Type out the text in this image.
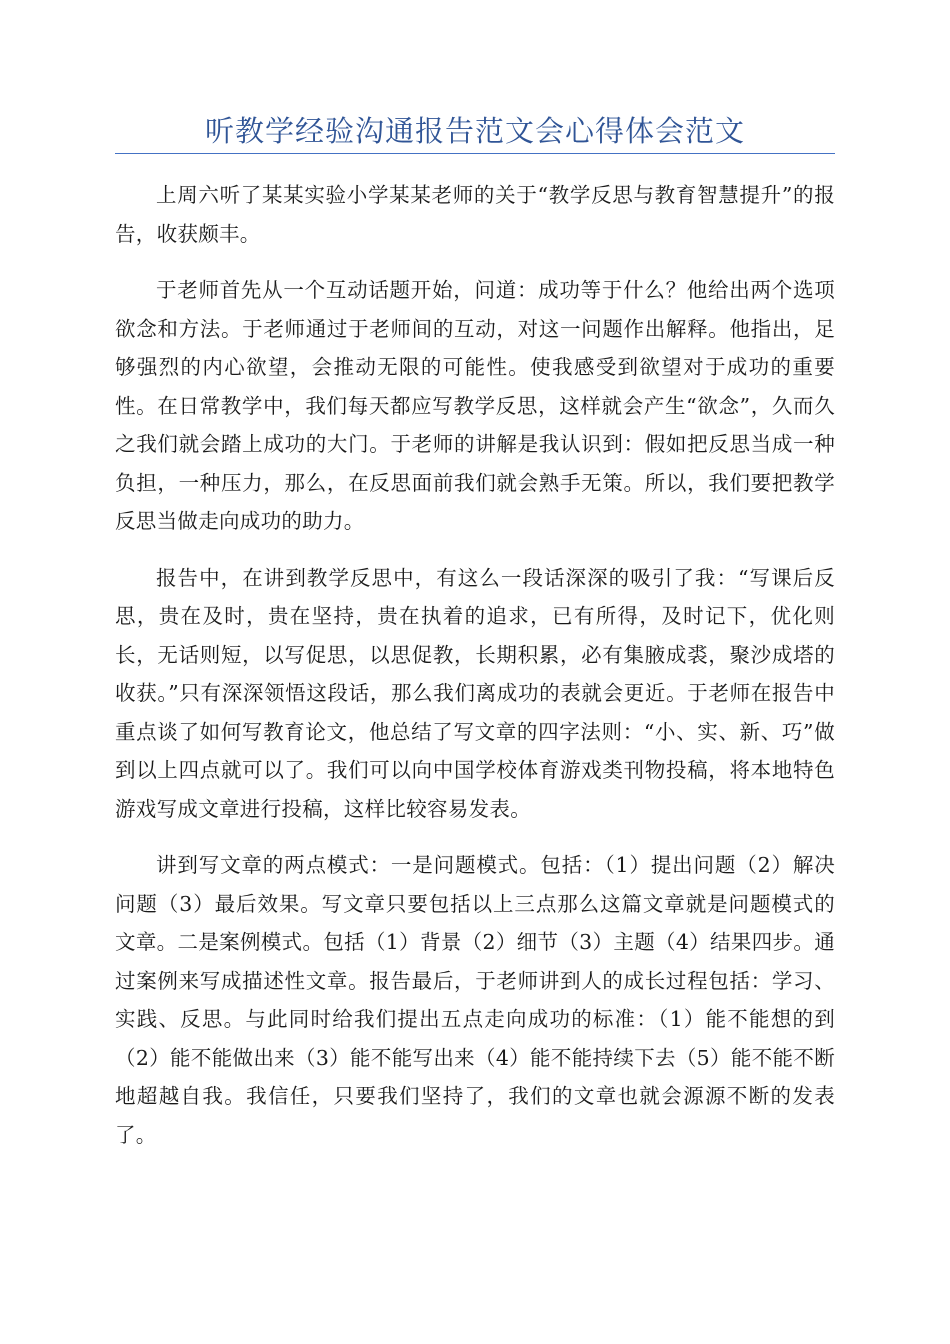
听教学经验沟通报告范文会心得体会范文

上周六听了某某实验小学某某老师的关于“教学反思与教育智慧提升”的报告，收获颇丰。

于老师首先从一个互动话题开始，问道：成功等于什么？他给出两个选项欲念和方法。于老师通过于老师间的互动，对这一问题作出解释。他指出，足够强烈的内心欲望，会推动无限的可能性。使我感受到欲望对于成功的重要性。在日常教学中，我们每天都应写教学反思，这样就会产生“欲念”，久而久之我们就会踏上成功的大门。于老师的讲解是我认识到：假如把反思当成一种负担，一种压力，那么，在反思面前我们就会熟手无策。所以，我们要把教学反思当做走向成功的助力。

报告中，在讲到教学反思中，有这么一段话深深的吸引了我：“写课后反思，贵在及时，贵在坚持，贵在执着的追求，已有所得，及时记下，优化则长，无话则短，以写促思，以思促教，长期积累，必有集腋成裘，聚沙成塔的收获。”只有深深领悟这段话，那么我们离成功的表就会更近。于老师在报告中重点谈了如何写教育论文，他总结了写文章的四字法则：“小、实、新、巧”做到以上四点就可以了。我们可以向中国学校体育游戏类刊物投稿，将本地特色游戏写成文章进行投稿，这样比较容易发表。

讲到写文章的两点模式：一是问题模式。包括：（1）提出问题（2）解决问题（3）最后效果。写文章只要包括以上三点那么这篇文章就是问题模式的文章。二是案例模式。包括（1）背景（2）细节（3）主题（4）结果四步。通过案例来写成描述性文章。报告最后，于老师讲到人的成长过程包括：学习、实践、反思。与此同时给我们提出五点走向成功的标准：（1）能不能想的到（2）能不能做出来（3）能不能写出来（4）能不能持续下去（5）能不能不断地超越自我。我信任，只要我们坚持了，我们的文章也就会源源不断的发表了。
